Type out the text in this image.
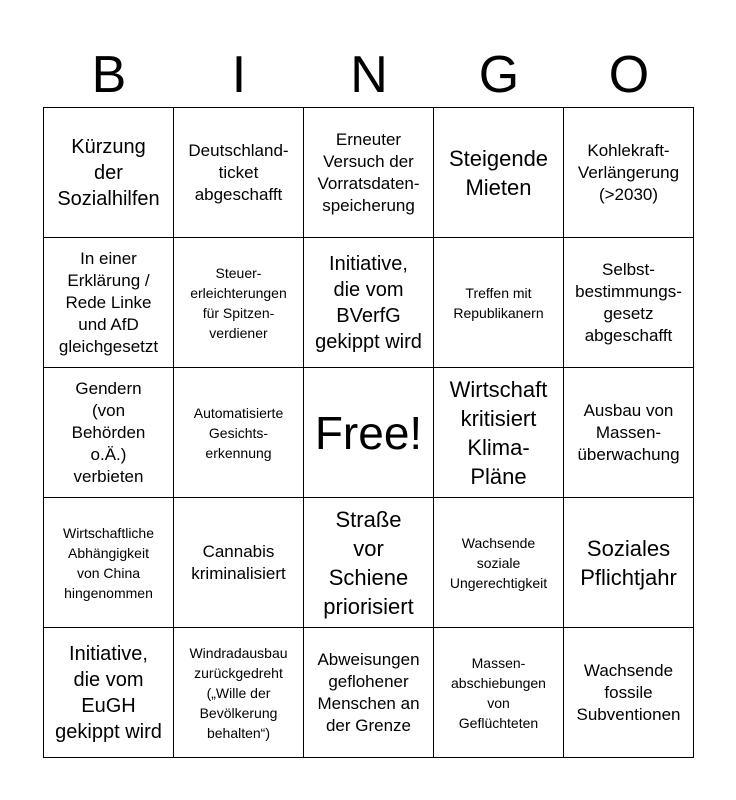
B	I	N	G	O
Kürzung
der
Sozialhilfen
Deutschland-
ticket
abgeschafft
Erneuter
Versuch der
Vorratsdaten-
speicherung
Steigende
Mieten
Kohlekraft-
Verlängerung
(>2030)
In einer
Erklärung /
Rede Linke
und AfD
gleichgesetzt
Steuer-
erleichterungen
für Spitzen-
verdiener
Initiative,
die vom
BVerfG
gekippt wird
Treffen mit
Republikanern
Selbst-
bestimmungs-
gesetz
abgeschafft
Gendern
(von
Behörden
o.Ä.)
verbieten
Automatisierte
Gesichts-
erkennung Free!
Wirtschaft
kritisiert
Klima-
Pläne
Ausbau von
Massen-
überwachung
Wirtschaftliche
Abhängigkeit
von China
hingenommen
Cannabis
kriminalisiert
Straße
vor
Schiene
priorisiert
Wachsende
soziale
Ungerechtigkeit
Soziales
Pflichtjahr
Initiative,
die vom
EuGH
gekippt wird
Windradausbau
zurückgedreht
(„Wille der
Bevölkerung
behalten“)
Abweisungen
geflohener
Menschen an
der Grenze
Massen-
abschiebungen
von
Geflüchteten
Wachsende
fossile
Subventionen
